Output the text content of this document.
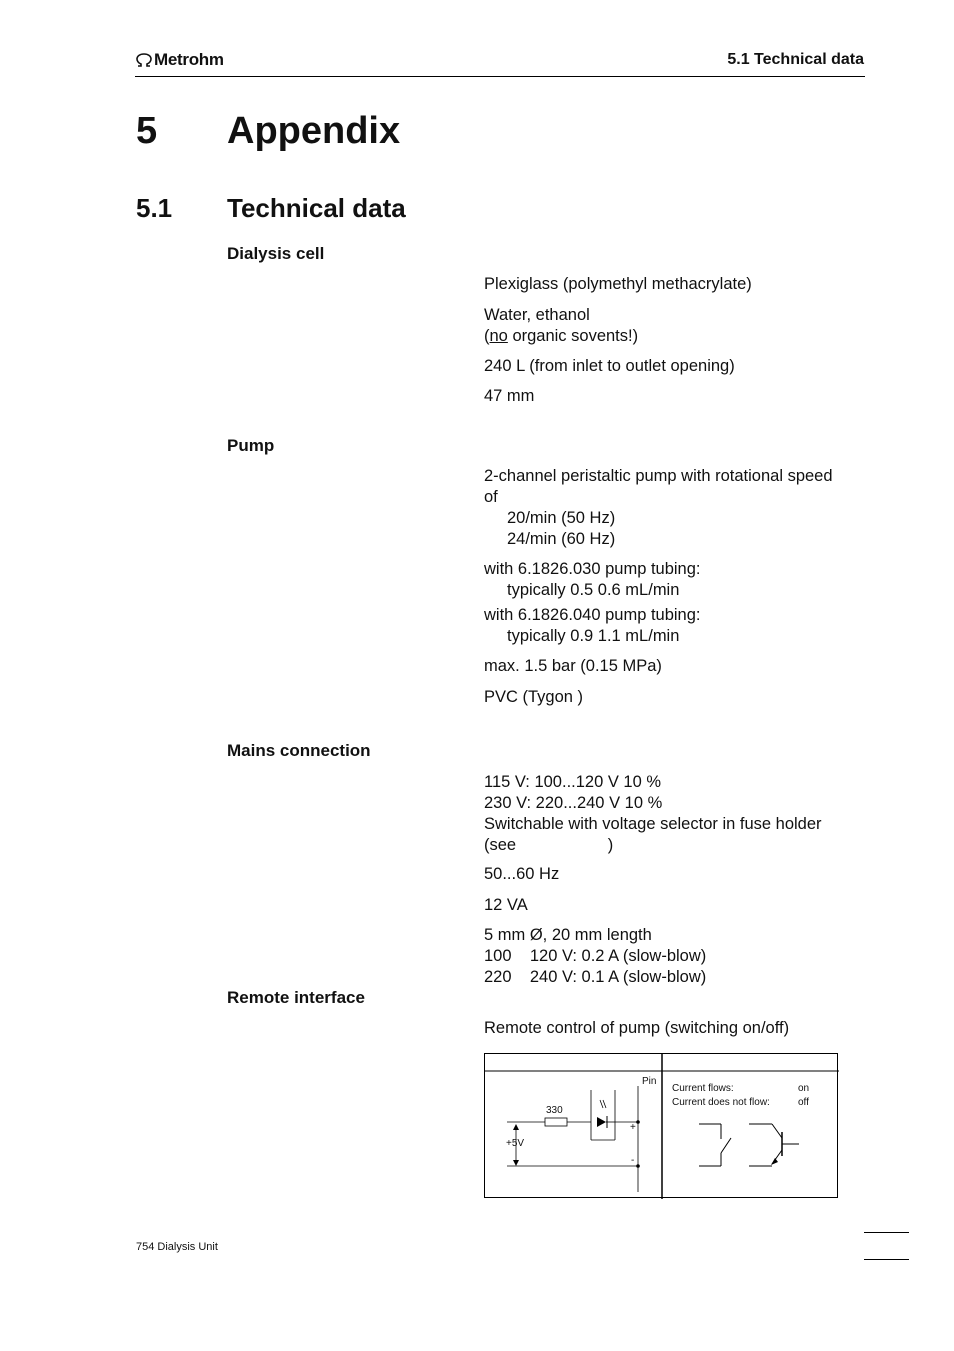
Metrohm	5.1 Technical data
5 Appendix
5.1 Technical data
Dialysis cell
Plexiglass (polymethyl methacrylate)
Water, ethanol
(no organic sovents!)
240 L (from inlet to outlet opening)
47 mm
Pump
2-channel peristaltic pump with rotational speed
of
20/min (50 Hz)
24/min (60 Hz)
with 6.1826.030 pump tubing:
typically 0.5 0.6 mL/min
with 6.1826.040 pump tubing:
typically 0.9 1.1 mL/min
max. 1.5 bar (0.15 MPa)
PVC (Tygon )
Mains connection
115 V: 100...120 V 10 %
230 V: 220...240 V 10 %
Switchable with voltage selector in fuse holder
(see                    )
50...60 Hz
12 VA
5 mm Ø, 20 mm length
100    120 V: 0.2 A (slow-blow)
220    240 V: 0.1 A (slow-blow)
Remote interface
Remote control of pump (switching on/off)
Pin
330
+5V
+
-
Current flows:	on
Current does not flow:	off
754 Dialysis Unit
